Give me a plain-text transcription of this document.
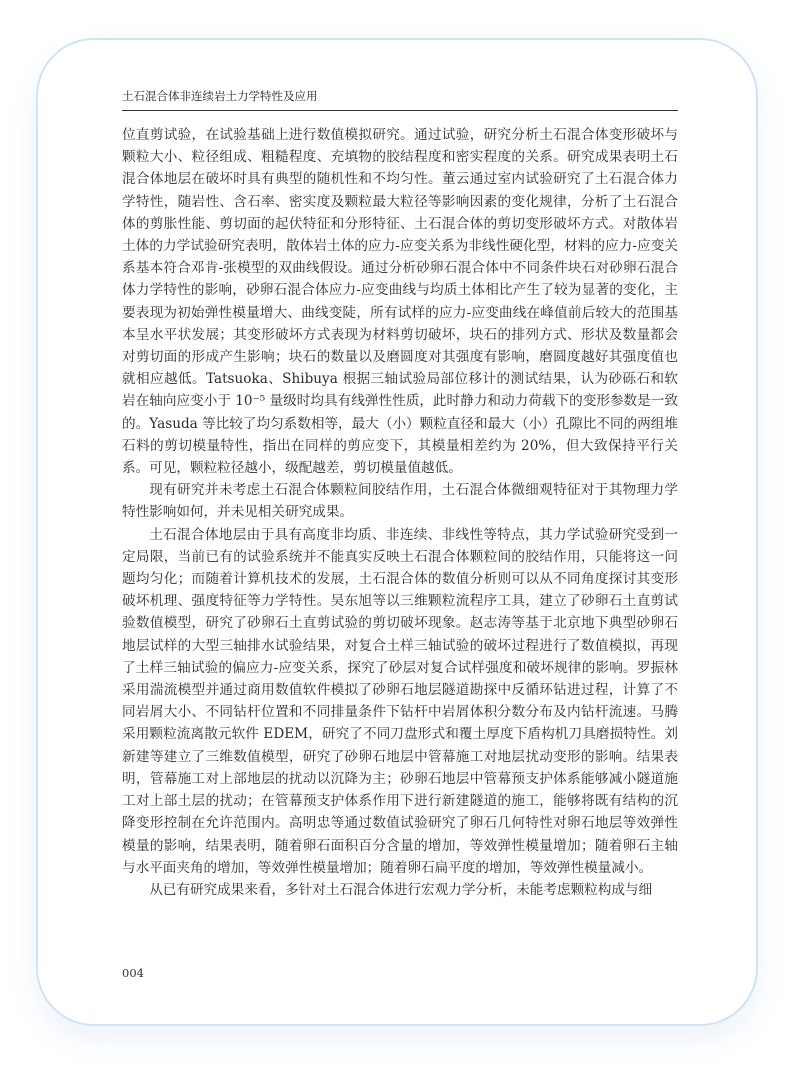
土石混合体非连续岩土力学特性及应用

位直剪试验，在试验基础上进行数值模拟研究。通过试验，研究分析土石混合体变形破坏与颗粒大小、粒径组成、粗糙程度、充填物的胶结程度和密实程度的关系。研究成果表明土石混合体地层在破坏时具有典型的随机性和不均匀性。董云通过室内试验研究了土石混合体力学特性，随岩性、含石率、密实度及颗粒最大粒径等影响因素的变化规律，分析了土石混合体的剪胀性能、剪切面的起伏特征和分形特征、土石混合体的剪切变形破坏方式。对散体岩土体的力学试验研究表明，散体岩土体的应力-应变关系为非线性硬化型，材料的应力-应变关系基本符合邓肯-张模型的双曲线假设。通过分析砂卵石混合体中不同条件块石对砂卵石混合体力学特性的影响，砂卵石混合体应力-应变曲线与均质土体相比产生了较为显著的变化，主要表现为初始弹性模量增大、曲线变陡，所有试样的应力-应变曲线在峰值前后较大的范围基本呈水平状发展；其变形破坏方式表现为材料剪切破坏，块石的排列方式、形状及数量都会对剪切面的形成产生影响；块石的数量以及磨圆度对其强度有影响，磨圆度越好其强度值也就相应越低。Tatsuoka、Shibuya 根据三轴试验局部位移计的测试结果，认为砂砾石和软岩在轴向应变小于 10⁻⁵ 量级时均具有线弹性性质，此时静力和动力荷载下的变形参数是一致的。Yasuda 等比较了均匀系数相等，最大（小）颗粒直径和最大（小）孔隙比不同的两组堆石料的剪切模量特性，指出在同样的剪应变下，其模量相差约为 20%，但大致保持平行关系。可见，颗粒粒径越小，级配越差，剪切模量值越低。

现有研究并未考虑土石混合体颗粒间胶结作用，土石混合体微细观特征对于其物理力学特性影响如何，并未见相关研究成果。

土石混合体地层由于具有高度非均质、非连续、非线性等特点，其力学试验研究受到一定局限，当前已有的试验系统并不能真实反映土石混合体颗粒间的胶结作用，只能将这一问题均匀化；而随着计算机技术的发展，土石混合体的数值分析则可以从不同角度探讨其变形破坏机理、强度特征等力学特性。吴东旭等以三维颗粒流程序工具，建立了砂卵石土直剪试验数值模型，研究了砂卵石土直剪试验的剪切破坏现象。赵志涛等基于北京地下典型砂卵石地层试样的大型三轴排水试验结果，对复合土样三轴试验的破坏过程进行了数值模拟，再现了土样三轴试验的偏应力-应变关系，探究了砂层对复合试样强度和破坏规律的影响。罗振林采用湍流模型并通过商用数值软件模拟了砂卵石地层隧道勘探中反循环钻进过程，计算了不同岩屑大小、不同钻杆位置和不同排量条件下钻杆中岩屑体积分数分布及内钻杆流速。马腾采用颗粒流离散元软件 EDEM，研究了不同刀盘形式和覆土厚度下盾构机刀具磨损特性。刘新建等建立了三维数值模型，研究了砂卵石地层中管幕施工对地层扰动变形的影响。结果表明，管幕施工对上部地层的扰动以沉降为主；砂卵石地层中管幕预支护体系能够减小隧道施工对上部土层的扰动；在管幕预支护体系作用下进行新建隧道的施工，能够将既有结构的沉降变形控制在允许范围内。高明忠等通过数值试验研究了卵石几何特性对卵石地层等效弹性模量的影响，结果表明，随着卵石面积百分含量的增加，等效弹性模量增加；随着卵石主轴与水平面夹角的增加，等效弹性模量增加；随着卵石扁平度的增加，等效弹性模量减小。

从已有研究成果来看，多针对土石混合体进行宏观力学分析，未能考虑颗粒构成与细

004
